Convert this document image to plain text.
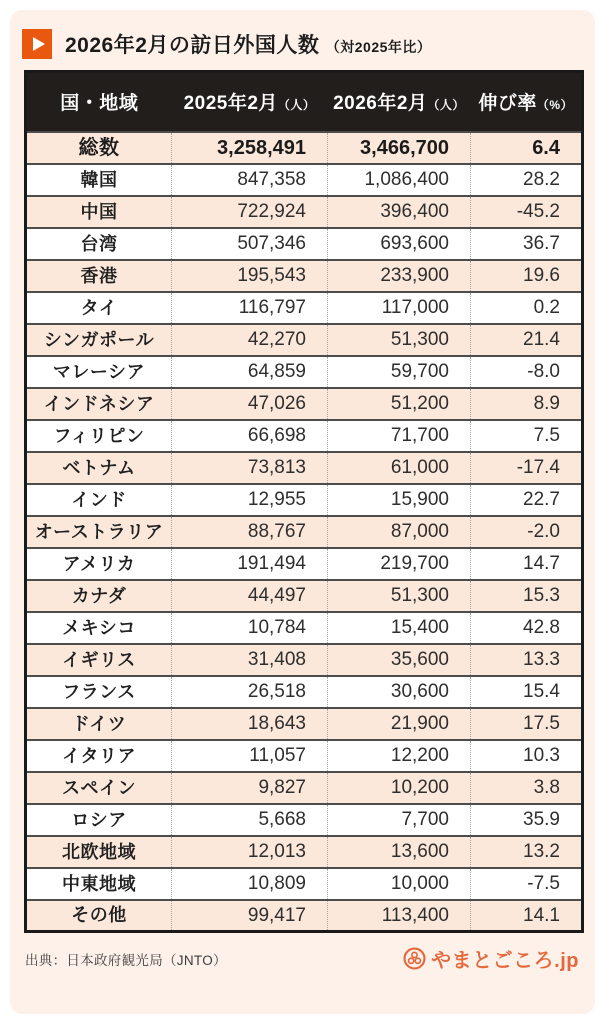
2026年2月の訪日外国人数 （対2025年比）
国・地域	2025年2月（人）	2026年2月（人）	伸び率（%）
総数	3,258,491	3,466,700	6.4
韓国	847,358	1,086,400	28.2
中国	722,924	396,400	-45.2
台湾	507,346	693,600	36.7
香港	195,543	233,900	19.6
タイ	116,797	117,000	0.2
シンガポール	42,270	51,300	21.4
マレーシア	64,859	59,700	-8.0
インドネシア	47,026	51,200	8.9
フィリピン	66,698	71,700	7.5
ベトナム	73,813	61,000	-17.4
インド	12,955	15,900	22.7
オーストラリア	88,767	87,000	-2.0
アメリカ	191,494	219,700	14.7
カナダ	44,497	51,300	15.3
メキシコ	10,784	15,400	42.8
イギリス	31,408	35,600	13.3
フランス	26,518	30,600	15.4
ドイツ	18,643	21,900	17.5
イタリア	11,057	12,200	10.3
スペイン	9,827	10,200	3.8
ロシア	5,668	7,700	35.9
北欧地域	12,013	13,600	13.2
中東地域	10,809	10,000	-7.5
その他	99,417	113,400	14.1
出典：日本政府観光局（JNTO）	やまとごころ.jp
